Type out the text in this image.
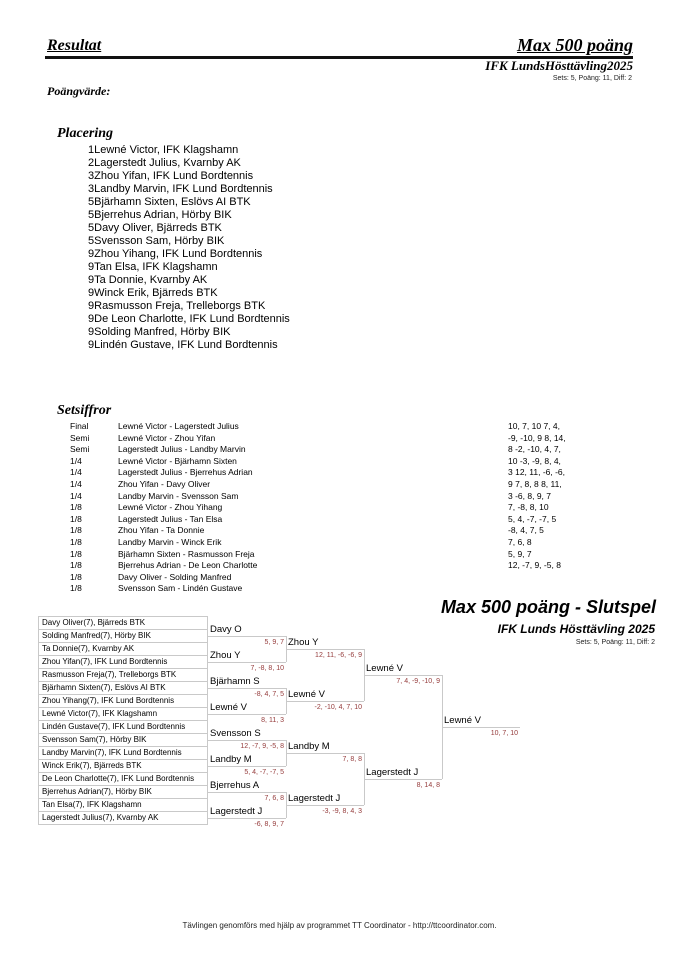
Resultat	Max 500 poäng
IFK LundsHösttävling2025
Sets: 5, Poäng: 11, Diff: 2
Poängvärde:
Placering
1Lewné Victor, IFK Klagshamn
2Lagerstedt Julius, Kvarnby AK
3Zhou Yifan, IFK Lund Bordtennis
3Landby Marvin, IFK Lund Bordtennis
5Bjärhamn Sixten, Eslövs AI BTK
5Bjerrehus Adrian, Hörby BIK
5Davy Oliver, Bjärreds BTK
5Svensson Sam, Hörby BIK
9Zhou Yihang, IFK Lund Bordtennis
9Tan Elsa, IFK Klagshamn
9Ta Donnie, Kvarnby AK
9Winck Erik, Bjärreds BTK
9Rasmusson Freja, Trelleborgs BTK
9De Leon Charlotte, IFK Lund Bordtennis
9Solding Manfred, Hörby BIK
9Lindén Gustave, IFK Lund Bordtennis
Setsiffror
Final	Lewné Victor - Lagerstedt Julius	10, 7, 10 7, 4,
Semi	Lewné Victor - Zhou Yifan	-9, -10, 9 8, 14,
Semi	Lagerstedt Julius - Landby Marvin	8 -2, -10, 4, 7,
1/4	Lewné Victor - Bjärhamn Sixten	10 -3, -9, 8, 4,
1/4	Lagerstedt Julius - Bjerrehus Adrian	3 12, 11, -6, -6,
1/4	Zhou Yifan - Davy Oliver	9 7, 8, 8 8, 11,
1/4	Landby Marvin - Svensson Sam	3 -6, 8, 9, 7
1/8	Lewné Victor - Zhou Yihang	7, -8, 8, 10
1/8	Lagerstedt Julius - Tan Elsa	5, 4, -7, -7, 5
1/8	Zhou Yifan - Ta Donnie	-8, 4, 7, 5
1/8	Landby Marvin - Winck Erik	7, 6, 8
1/8	Bjärhamn Sixten - Rasmusson Freja	5, 9, 7
1/8	Bjerrehus Adrian - De Leon Charlotte	12, -7, 9, -5, 8
1/8	Davy Oliver - Solding Manfred
1/8	Svensson Sam - Lindén Gustave
Max 500 poäng - Slutspel
IFK Lunds Hösttävling 2025
Sets: 5, Poäng: 11, Diff: 2
Davy Oliver(7), Bjärreds BTK
Solding Manfred(7), Hörby BIK
Ta Donnie(7), Kvarnby AK
Zhou Yifan(7), IFK Lund Bordtennis
Rasmusson Freja(7), Trelleborgs BTK
Bjärhamn Sixten(7), Eslövs AI BTK
Zhou Yihang(7), IFK Lund Bordtennis
Lewné Victor(7), IFK Klagshamn
Lindén Gustave(7), IFK Lund Bordtennis
Svensson Sam(7), Hörby BIK
Landby Marvin(7), IFK Lund Bordtennis
Winck Erik(7), Bjärreds BTK
De Leon Charlotte(7), IFK Lund Bordtennis
Bjerrehus Adrian(7), Hörby BIK
Tan Elsa(7), IFK Klagshamn
Lagerstedt Julius(7), Kvarnby AK
Davy O
5, 9, 7
Zhou Y
7, -8, 8, 10
Bjärhamn S
-8, 4, 7, 5
Lewné V
8, 11, 3
Svensson S
12, -7, 9, -5, 8
Landby M
5, 4, -7, -7, 5
Bjerrehus A
7, 6, 8
Lagerstedt J
-6, 8, 9, 7
Zhou Y
12, 11, -6, -6, 9
Lewné V
-2, -10, 4, 7, 10
Landby M
7, 8, 8
Lagerstedt J
-3, -9, 8, 4, 3
Lewné V
7, 4, -9, -10, 9
Lagerstedt J
8, 14, 8
Lewné V
10, 7, 10
Tävlingen genomförs med hjälp av programmet TT Coordinator - http://ttcoordinator.com.
